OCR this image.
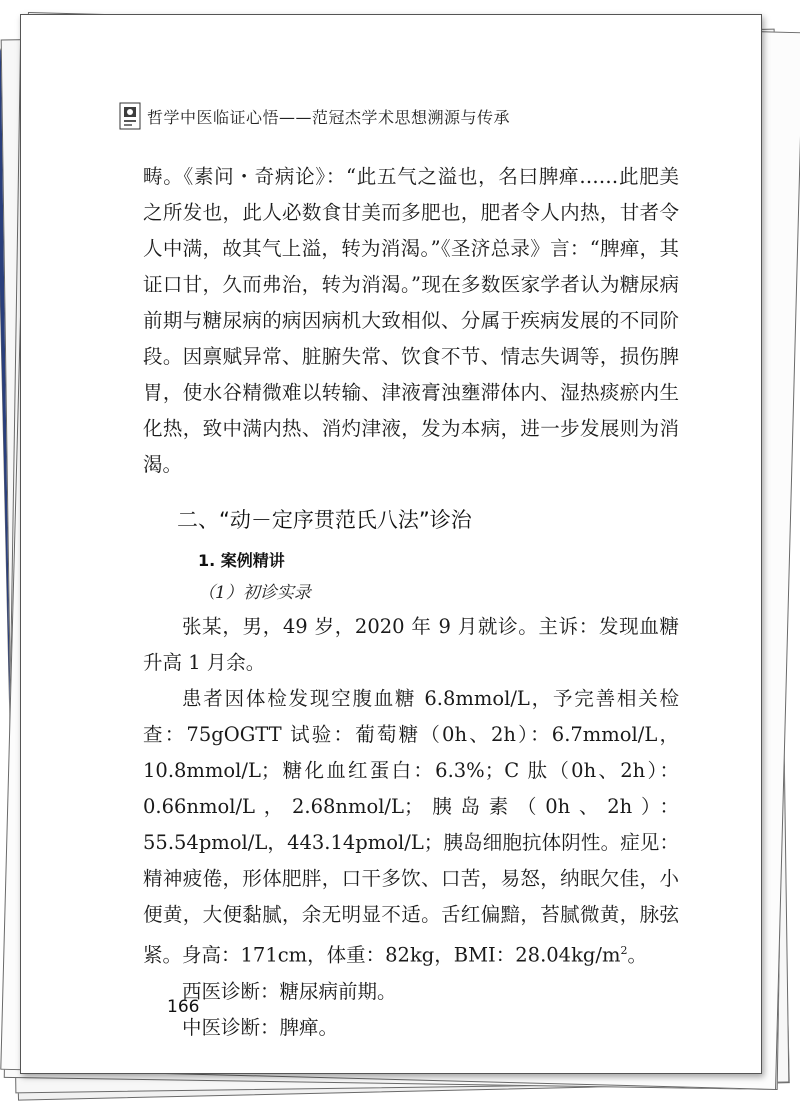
哲学中医临证心悟——范冠杰学术思想溯源与传承

畴。《素问・奇病论》：“此五气之溢也，名曰脾瘅……此肥美之所发也，此人必数食甘美而多肥也，肥者令人内热，甘者令人中满，故其气上溢，转为消渴。”《圣济总录》言：“脾瘅，其证口甘，久而弗治，转为消渴。”现在多数医家学者认为糖尿病前期与糖尿病的病因病机大致相似、分属于疾病发展的不同阶段。因禀赋异常、脏腑失常、饮食不节、情志失调等，损伤脾胃，使水谷精微难以转输、津液膏浊壅滞体内、湿热痰瘀内生化热，致中满内热、消灼津液，发为本病，进一步发展则为消渴。

二、“动－定序贯范氏八法”诊治
1. 案例精讲
（1）初诊实录

张某，男，49 岁，2020 年 9 月就诊。主诉：发现血糖升高 1 月余。

患者因体检发现空腹血糖 6.8mmol/L，予完善相关检查：75gOGTT 试验：葡萄糖（0h、2h）：6.7mmol/L，10.8mmol/L；糖化血红蛋白：6.3%；C 肽（0h、2h）：0.66nmol/L，2.68nmol/L；胰岛素（0h、2h）：55.54pmol/L，443.14pmol/L；胰岛细胞抗体阴性。症见：精神疲倦，形体肥胖，口干多饮、口苦，易怒，纳眠欠佳，小便黄，大便黏腻，余无明显不适。舌红偏黯，苔腻微黄，脉弦紧。身高：171cm，体重：82kg，BMI：$28.04kg/m^2$。

西医诊断：糖尿病前期。

中医诊断：脾瘅。

166
